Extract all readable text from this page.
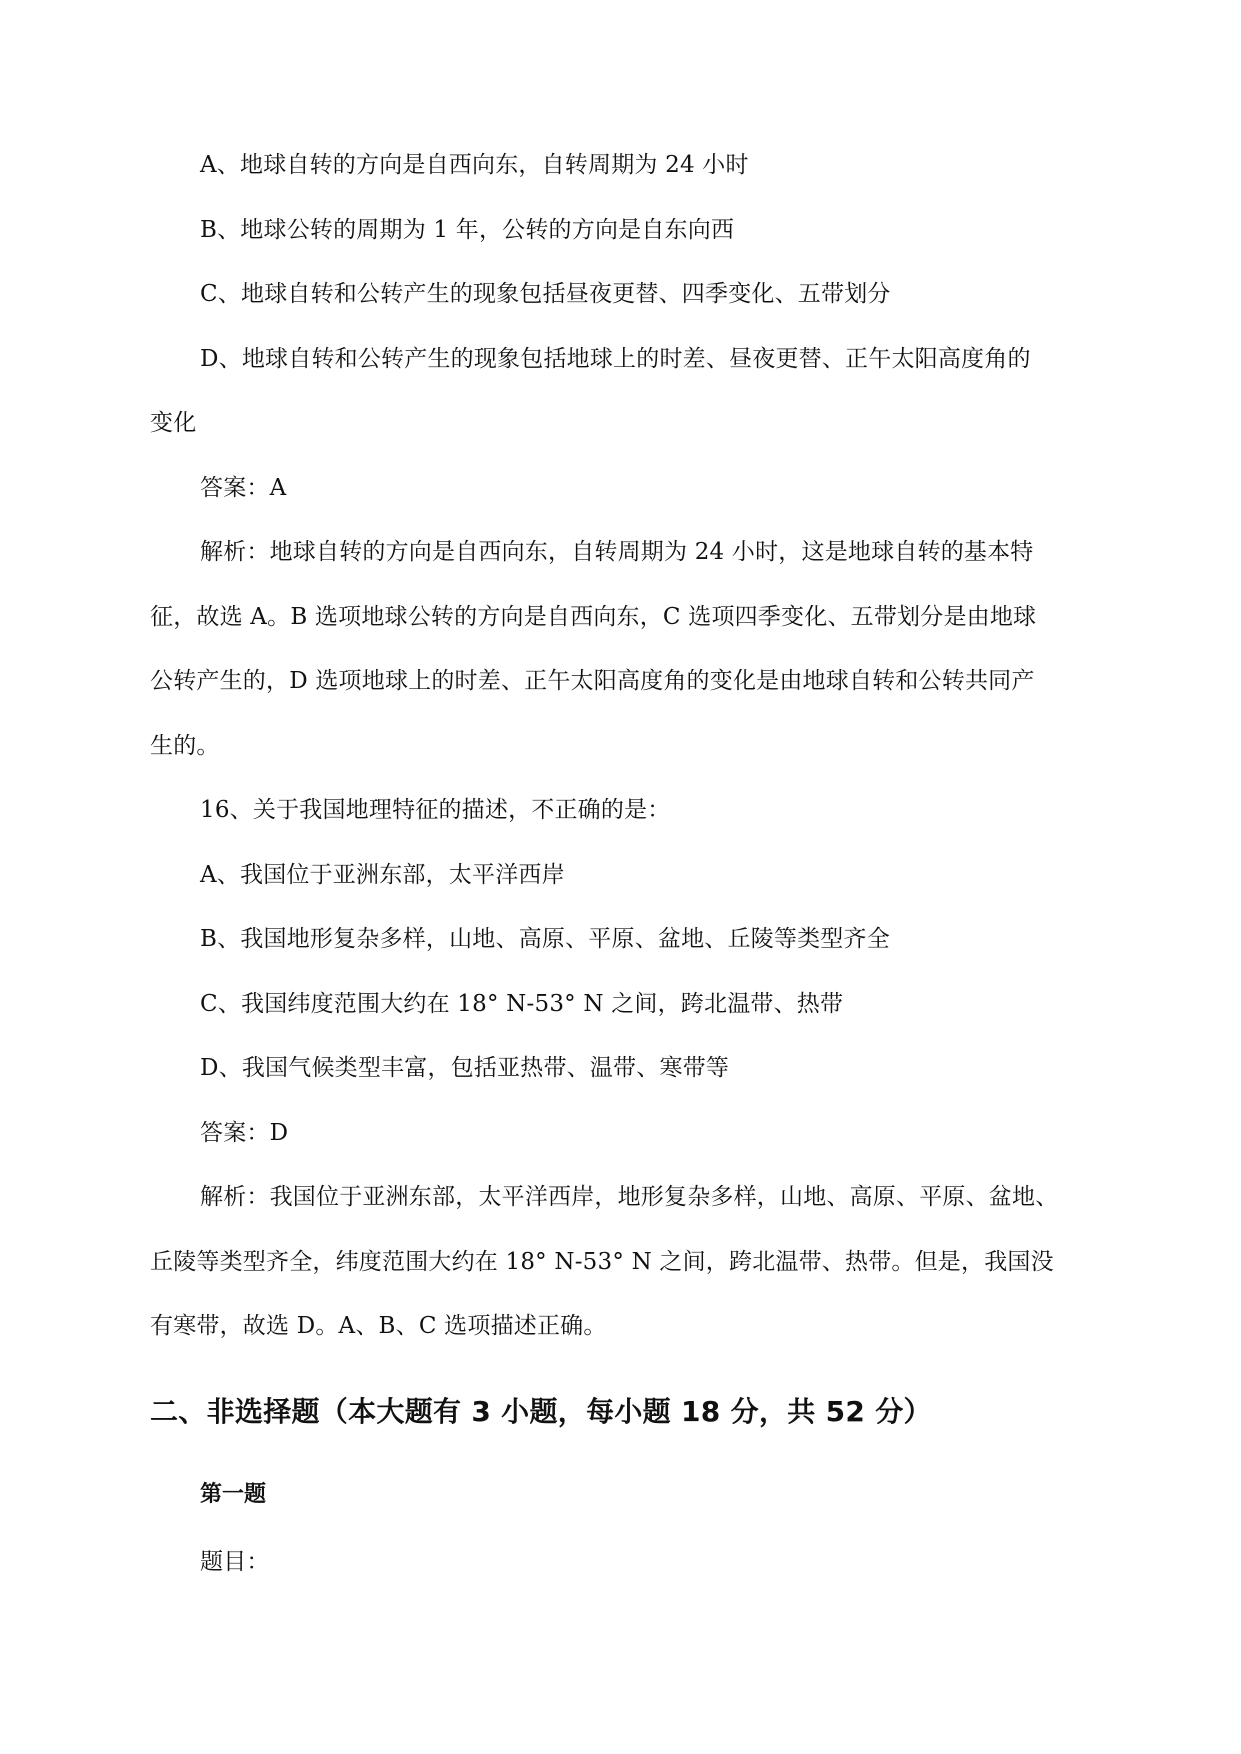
A、地球自转的方向是自西向东，自转周期为 24 小时
B、地球公转的周期为 1 年，公转的方向是自东向西
C、地球自转和公转产生的现象包括昼夜更替、四季变化、五带划分
D、地球自转和公转产生的现象包括地球上的时差、昼夜更替、正午太阳高度角的
变化
答案：A
解析：地球自转的方向是自西向东，自转周期为 24 小时，这是地球自转的基本特
征，故选 A。B 选项地球公转的方向是自西向东，C 选项四季变化、五带划分是由地球
公转产生的，D 选项地球上的时差、正午太阳高度角的变化是由地球自转和公转共同产
生的。
16、关于我国地理特征的描述，不正确的是：
A、我国位于亚洲东部，太平洋西岸
B、我国地形复杂多样，山地、高原、平原、盆地、丘陵等类型齐全
C、我国纬度范围大约在 18° N-53° N 之间，跨北温带、热带
D、我国气候类型丰富，包括亚热带、温带、寒带等
答案：D
解析：我国位于亚洲东部，太平洋西岸，地形复杂多样，山地、高原、平原、盆地、
丘陵等类型齐全，纬度范围大约在 18° N-53° N 之间，跨北温带、热带。但是，我国没
有寒带，故选 D。A、B、C 选项描述正确。
二、非选择题（本大题有 3 小题，每小题 18 分，共 52 分）
第一题
题目：
